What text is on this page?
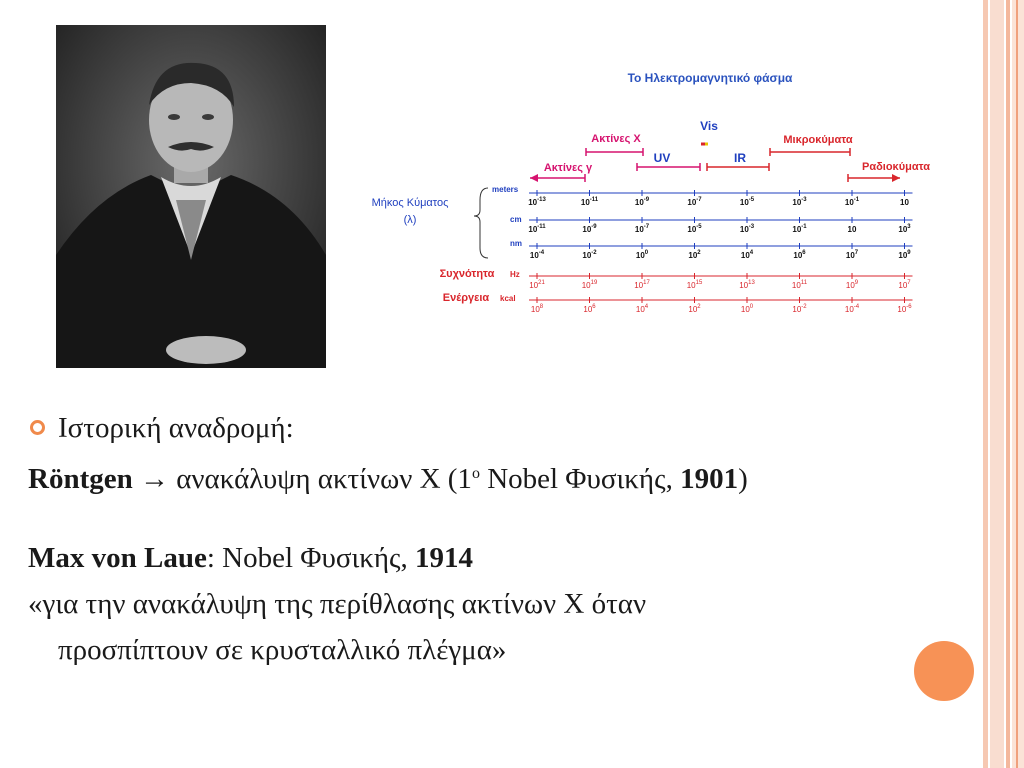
Το Ηλεκτρομαγνητικό φάσμα
Vis
Ακτίνες Χ	Μικροκύματα
UV	IR
Ακτίνες γ	Ραδιοκύματα
Μήκος Κύματος
(λ)
meters
cm
nm
Συχνότητα Hz
Ενέργεια kcal
$10^{-13}$	$10^{-11}$	$10^{-9}$	$10^{-7}$	$10^{-5}$	$10^{-3}$	$10^{-1}$	10
$10^{-11}$	$10^{-9}$	$10^{-7}$	$10^{-5}$	$10^{-3}$	$10^{-1}$	10	$10^3$
$10^{-4}$	$10^{-2}$	$10^0$	$10^2$	$10^4$	$10^6$	$10^7$	$10^9$
$10^{21}$	$10^{19}$	$10^{17}$	$10^{15}$	$10^{13}$	$10^{11}$	$10^9$	$10^7$
$10^8$	$10^6$	$10^4$	$10^2$	$10^0$	$10^{-2}$	$10^{-4}$	$10^{-6}$
Ιστορική αναδρομή:
Röntgen → ανακάλυψη ακτίνων Χ ($1^o$ Nobel Φυσικής, 1901)
Max von Laue: Nobel Φυσικής, 1914
«για την ανακάλυψη της περίθλασης ακτίνων Χ όταν
προσπίπτουν σε κρυσταλλικό πλέγμα»
